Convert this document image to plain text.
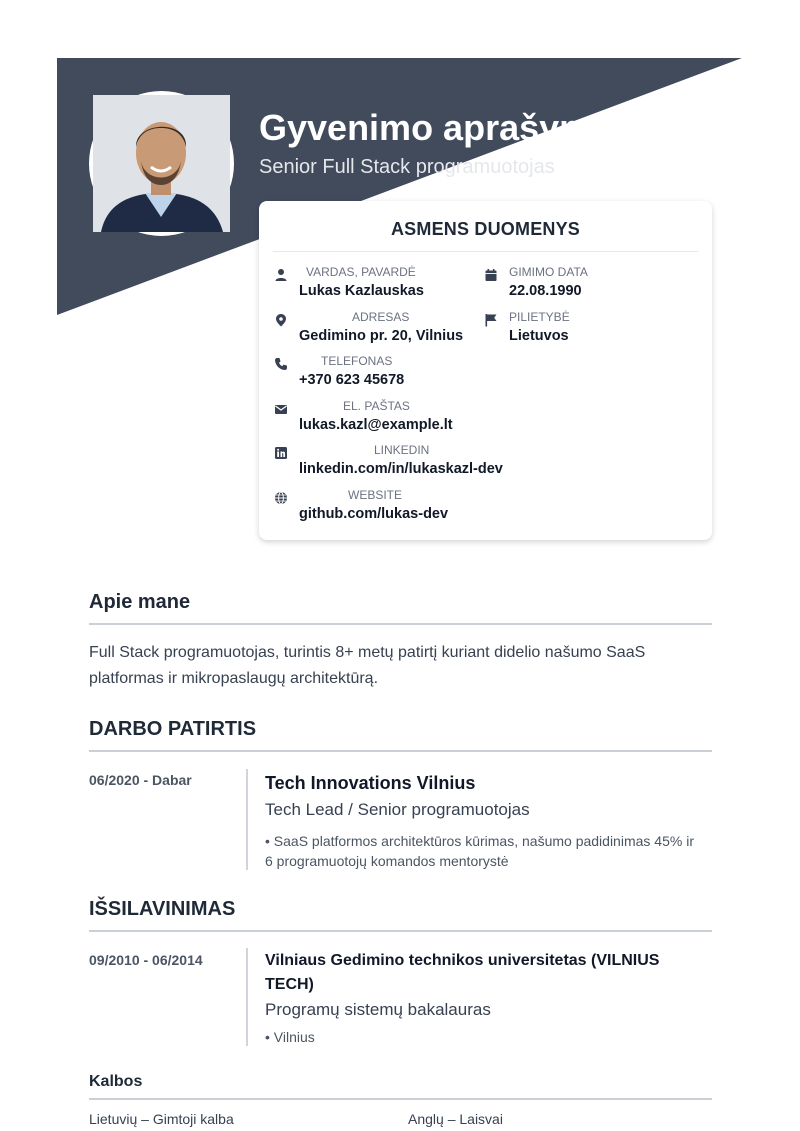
Gyvenimo aprašymas
Senior Full Stack programuotojas
ASMENS DUOMENYS
VARDAS, PAVARDĖ
Lukas Kazlauskas
ADRESAS
Gedimino pr. 20, Vilnius
TELEFONAS
+370 623 45678
EL. PAŠTAS
lukas.kazl@example.lt
LINKEDIN
linkedin.com/in/lukaskazl-dev
WEBSITE
github.com/lukas-dev
GIMIMO DATA
22.08.1990
PILIETYBĖ
Lietuvos
Apie mane
Full Stack programuotojas, turintis 8+ metų patirtį kuriant didelio našumo SaaS platformas ir mikropaslaugų architektūrą.
DARBO PATIRTIS
06/2020 - Dabar	Tech Innovations Vilnius
Tech Lead / Senior programuotojas
• SaaS platformos architektūros kūrimas, našumo padidinimas 45% ir 6 programuotojų komandos mentorystė
IŠSILAVINIMAS
09/2010 - 06/2014	Vilniaus Gedimino technikos universitetas (VILNIUS TECH)
Programų sistemų bakalauras
• Vilnius
Kalbos
Lietuvių – Gimtoji kalba	Anglų – Laisvai
